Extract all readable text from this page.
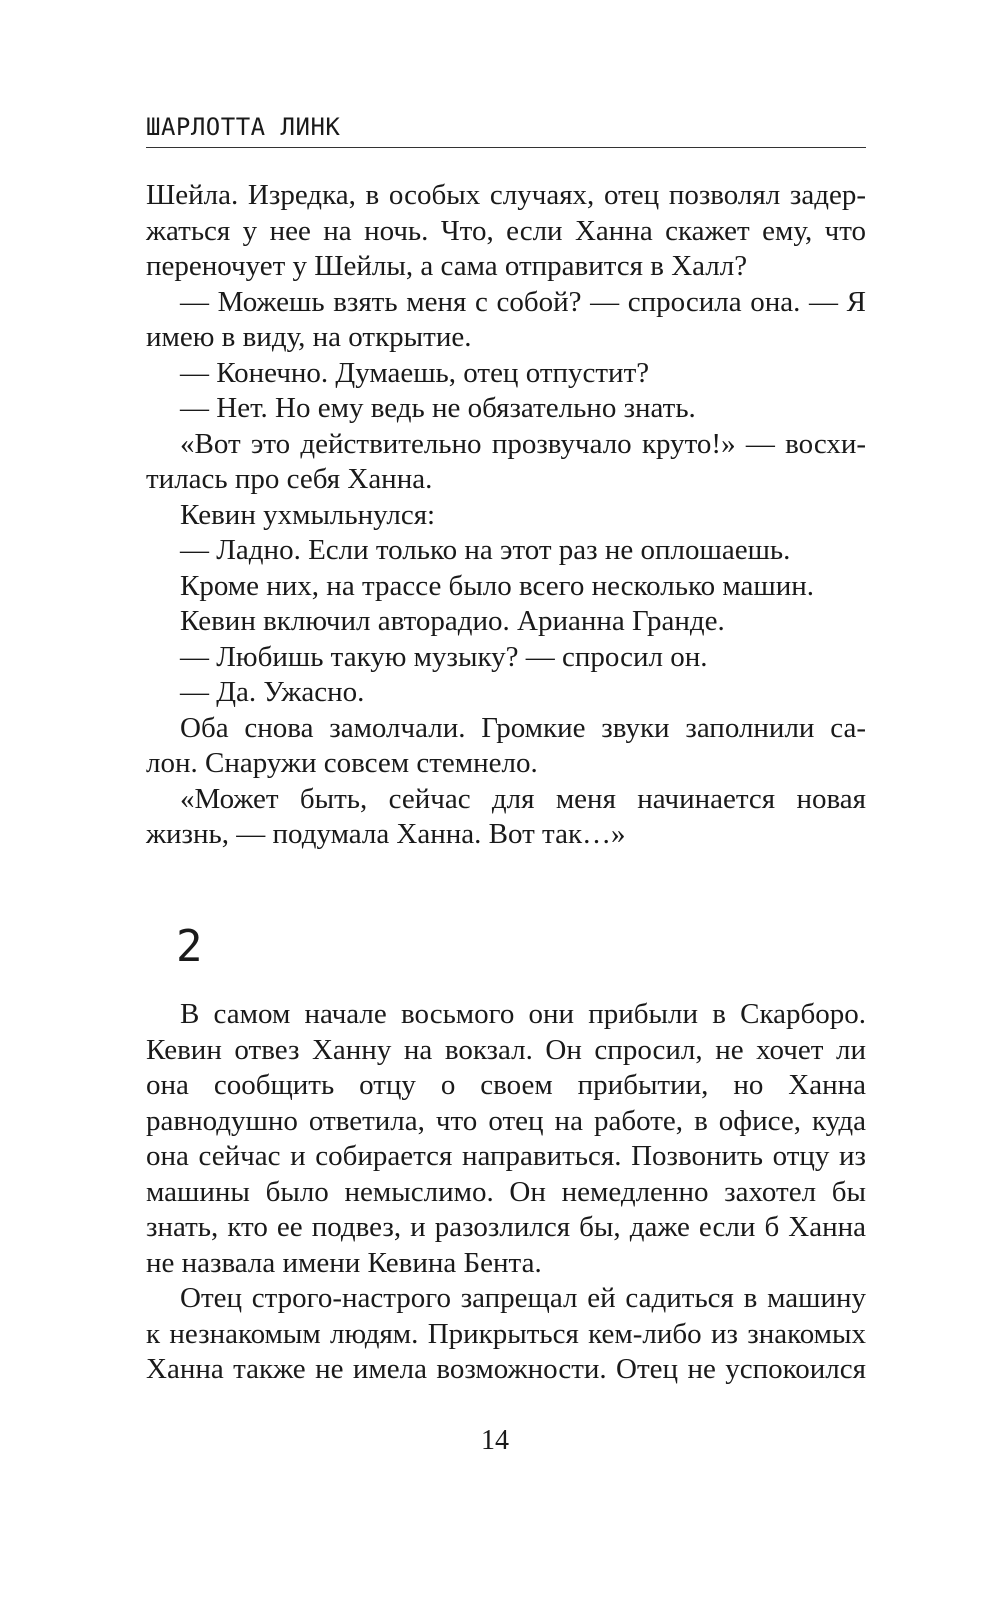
ШАРЛОТТА ЛИНК

Шейла. Изредка, в особых случаях, отец позволял задер-жаться у нее на ночь. Что, если Ханна скажет ему, что переночует у Шейлы, а сама отправится в Халл?

— Можешь взять меня с собой? — спросила она. — Я имею в виду, на открытие.

— Конечно. Думаешь, отец отпустит?

— Нет. Но ему ведь не обязательно знать.

«Вот это действительно прозвучало круто!» — восхи-тилась про себя Ханна.

Кевин ухмыльнулся:

— Ладно. Если только на этот раз не оплошаешь.

Кроме них, на трассе было всего несколько машин.

Кевин включил авторадио. Арианна Гранде.

— Любишь такую музыку? — спросил он.

— Да. Ужасно.

Оба снова замолчали. Громкие звуки заполнили са-лон. Снаружи совсем стемнело.

«Может быть, сейчас для меня начинается новая жизнь, — подумала Ханна. Вот так…»

2

В самом начале восьмого они прибыли в Скарборо. Кевин отвез Ханну на вокзал. Он спросил, не хочет ли она сообщить отцу о своем прибытии, но Ханна равнодушно ответила, что отец на работе, в офисе, куда она сейчас и собирается направиться. Позвонить отцу из машины было немыслимо. Он немедленно захотел бы знать, кто ее подвез, и разозлился бы, даже если б Ханна не назвала имени Кевина Бента.

Отец строго-настрого запрещал ей садиться в машину к незнакомым людям. Прикрыться кем-либо из знакомых Ханна также не имела возможности. Отец не успокоился

14
